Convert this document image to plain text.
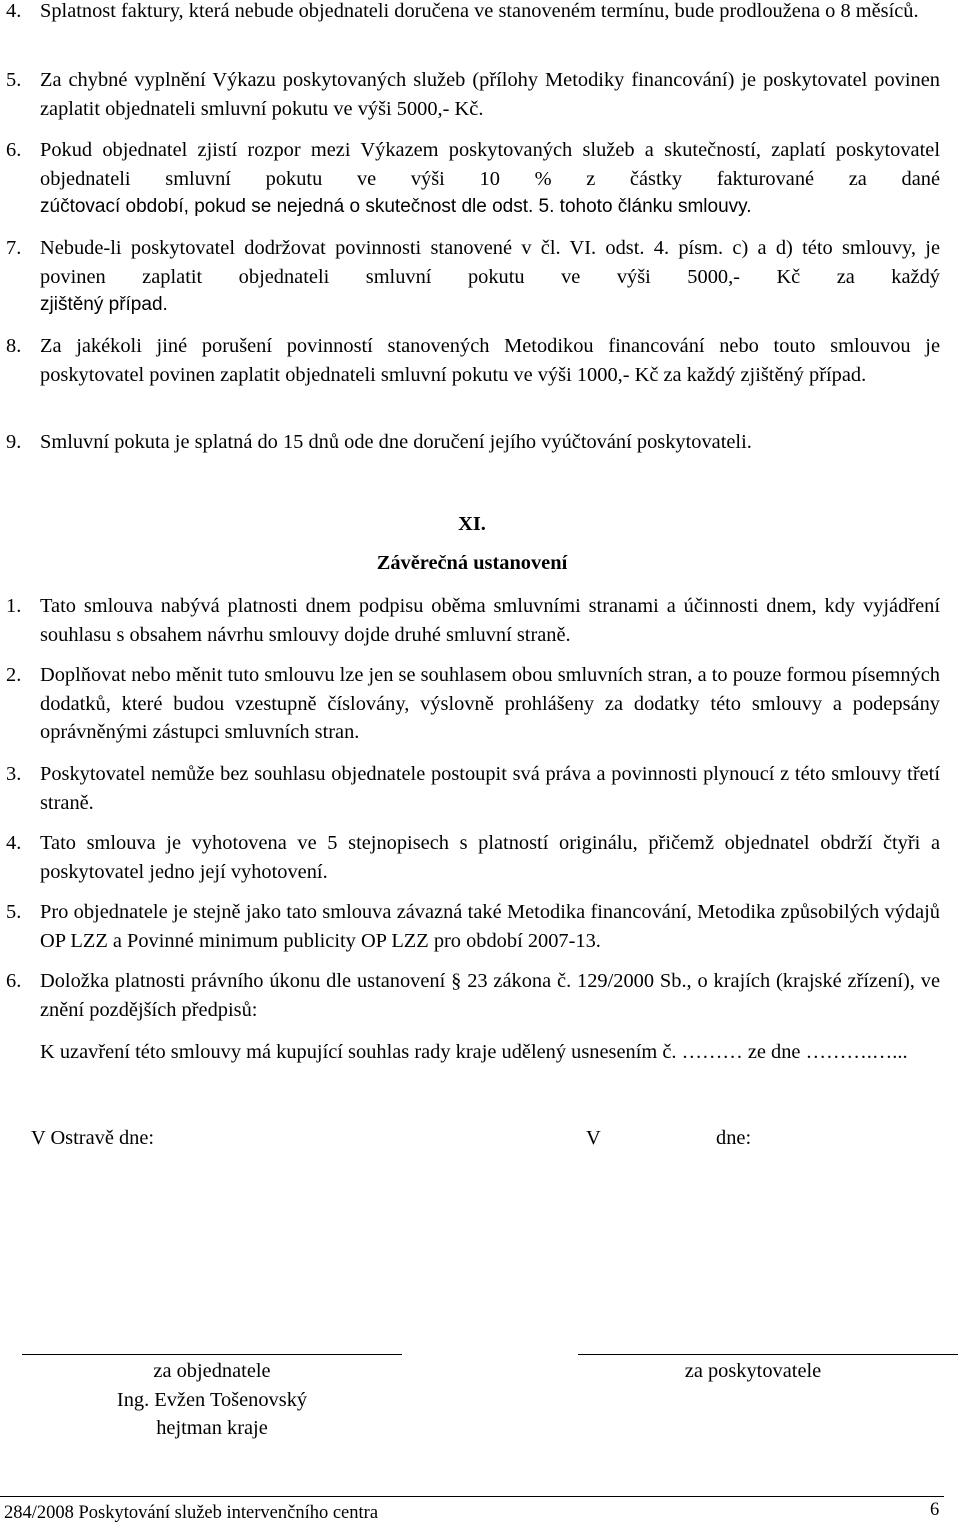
4. Splatnost faktury, která nebude objednateli doručena ve stanoveném termínu, bude prodloužena o 8 měsíců.
5. Za chybné vyplnění Výkazu poskytovaných služeb (přílohy Metodiky financování) je poskytovatel povinen zaplatit objednateli smluvní pokutu ve výši 5000,- Kč.
6. Pokud objednatel zjistí rozpor mezi Výkazem poskytovaných služeb a skutečností, zaplatí poskytovatel objednateli smluvní pokutu ve výši 10 % z částky fakturované za dané
zúčtovací období, pokud se nejedná o skutečnost dle odst. 5. tohoto článku smlouvy.
7. Nebude-li poskytovatel dodržovat povinnosti stanovené v čl. VI. odst. 4. písm. c) a d) této smlouvy, je povinen zaplatit objednateli smluvní pokutu ve výši 5000,- Kč za každý
zjištěný případ.
8. Za jakékoli jiné porušení povinností stanovených Metodikou financování nebo touto smlouvou je poskytovatel povinen zaplatit objednateli smluvní pokutu ve výši 1000,- Kč za každý zjištěný případ.
9. Smluvní pokuta je splatná do 15 dnů ode dne doručení jejího vyúčtování poskytovateli.
XI.
Závěrečná ustanovení
1. Tato smlouva nabývá platnosti dnem podpisu oběma smluvními stranami a účinnosti dnem, kdy vyjádření souhlasu s obsahem návrhu smlouvy dojde druhé smluvní straně.
2. Doplňovat nebo měnit tuto smlouvu lze jen se souhlasem obou smluvních stran, a to pouze formou písemných dodatků, které budou vzestupně číslovány, výslovně prohlášeny za dodatky této smlouvy a podepsány oprávněnými zástupci smluvních stran.
3. Poskytovatel nemůže bez souhlasu objednatele postoupit svá práva a povinnosti plynoucí z této smlouvy třetí straně.
4. Tato smlouva je vyhotovena ve 5 stejnopisech s platností originálu, přičemž objednatel obdrží čtyři a poskytovatel jedno její vyhotovení.
5. Pro objednatele je stejně jako tato smlouva závazná také Metodika financování, Metodika způsobilých výdajů OP LZZ a Povinné minimum publicity OP LZZ pro období 2007-13.
6. Doložka platnosti právního úkonu dle ustanovení § 23 zákona č. 129/2000 Sb., o krajích (krajské zřízení), ve znění pozdějších předpisů:
K uzavření této smlouvy má kupující souhlas rady kraje udělený usnesením č. ……… ze dne ……….…...
V Ostravě dne:	V	dne:
za objednatele
Ing. Evžen Tošenovský
hejtman kraje
za poskytovatele
284/2008 Poskytování služeb intervenčního centra	6
